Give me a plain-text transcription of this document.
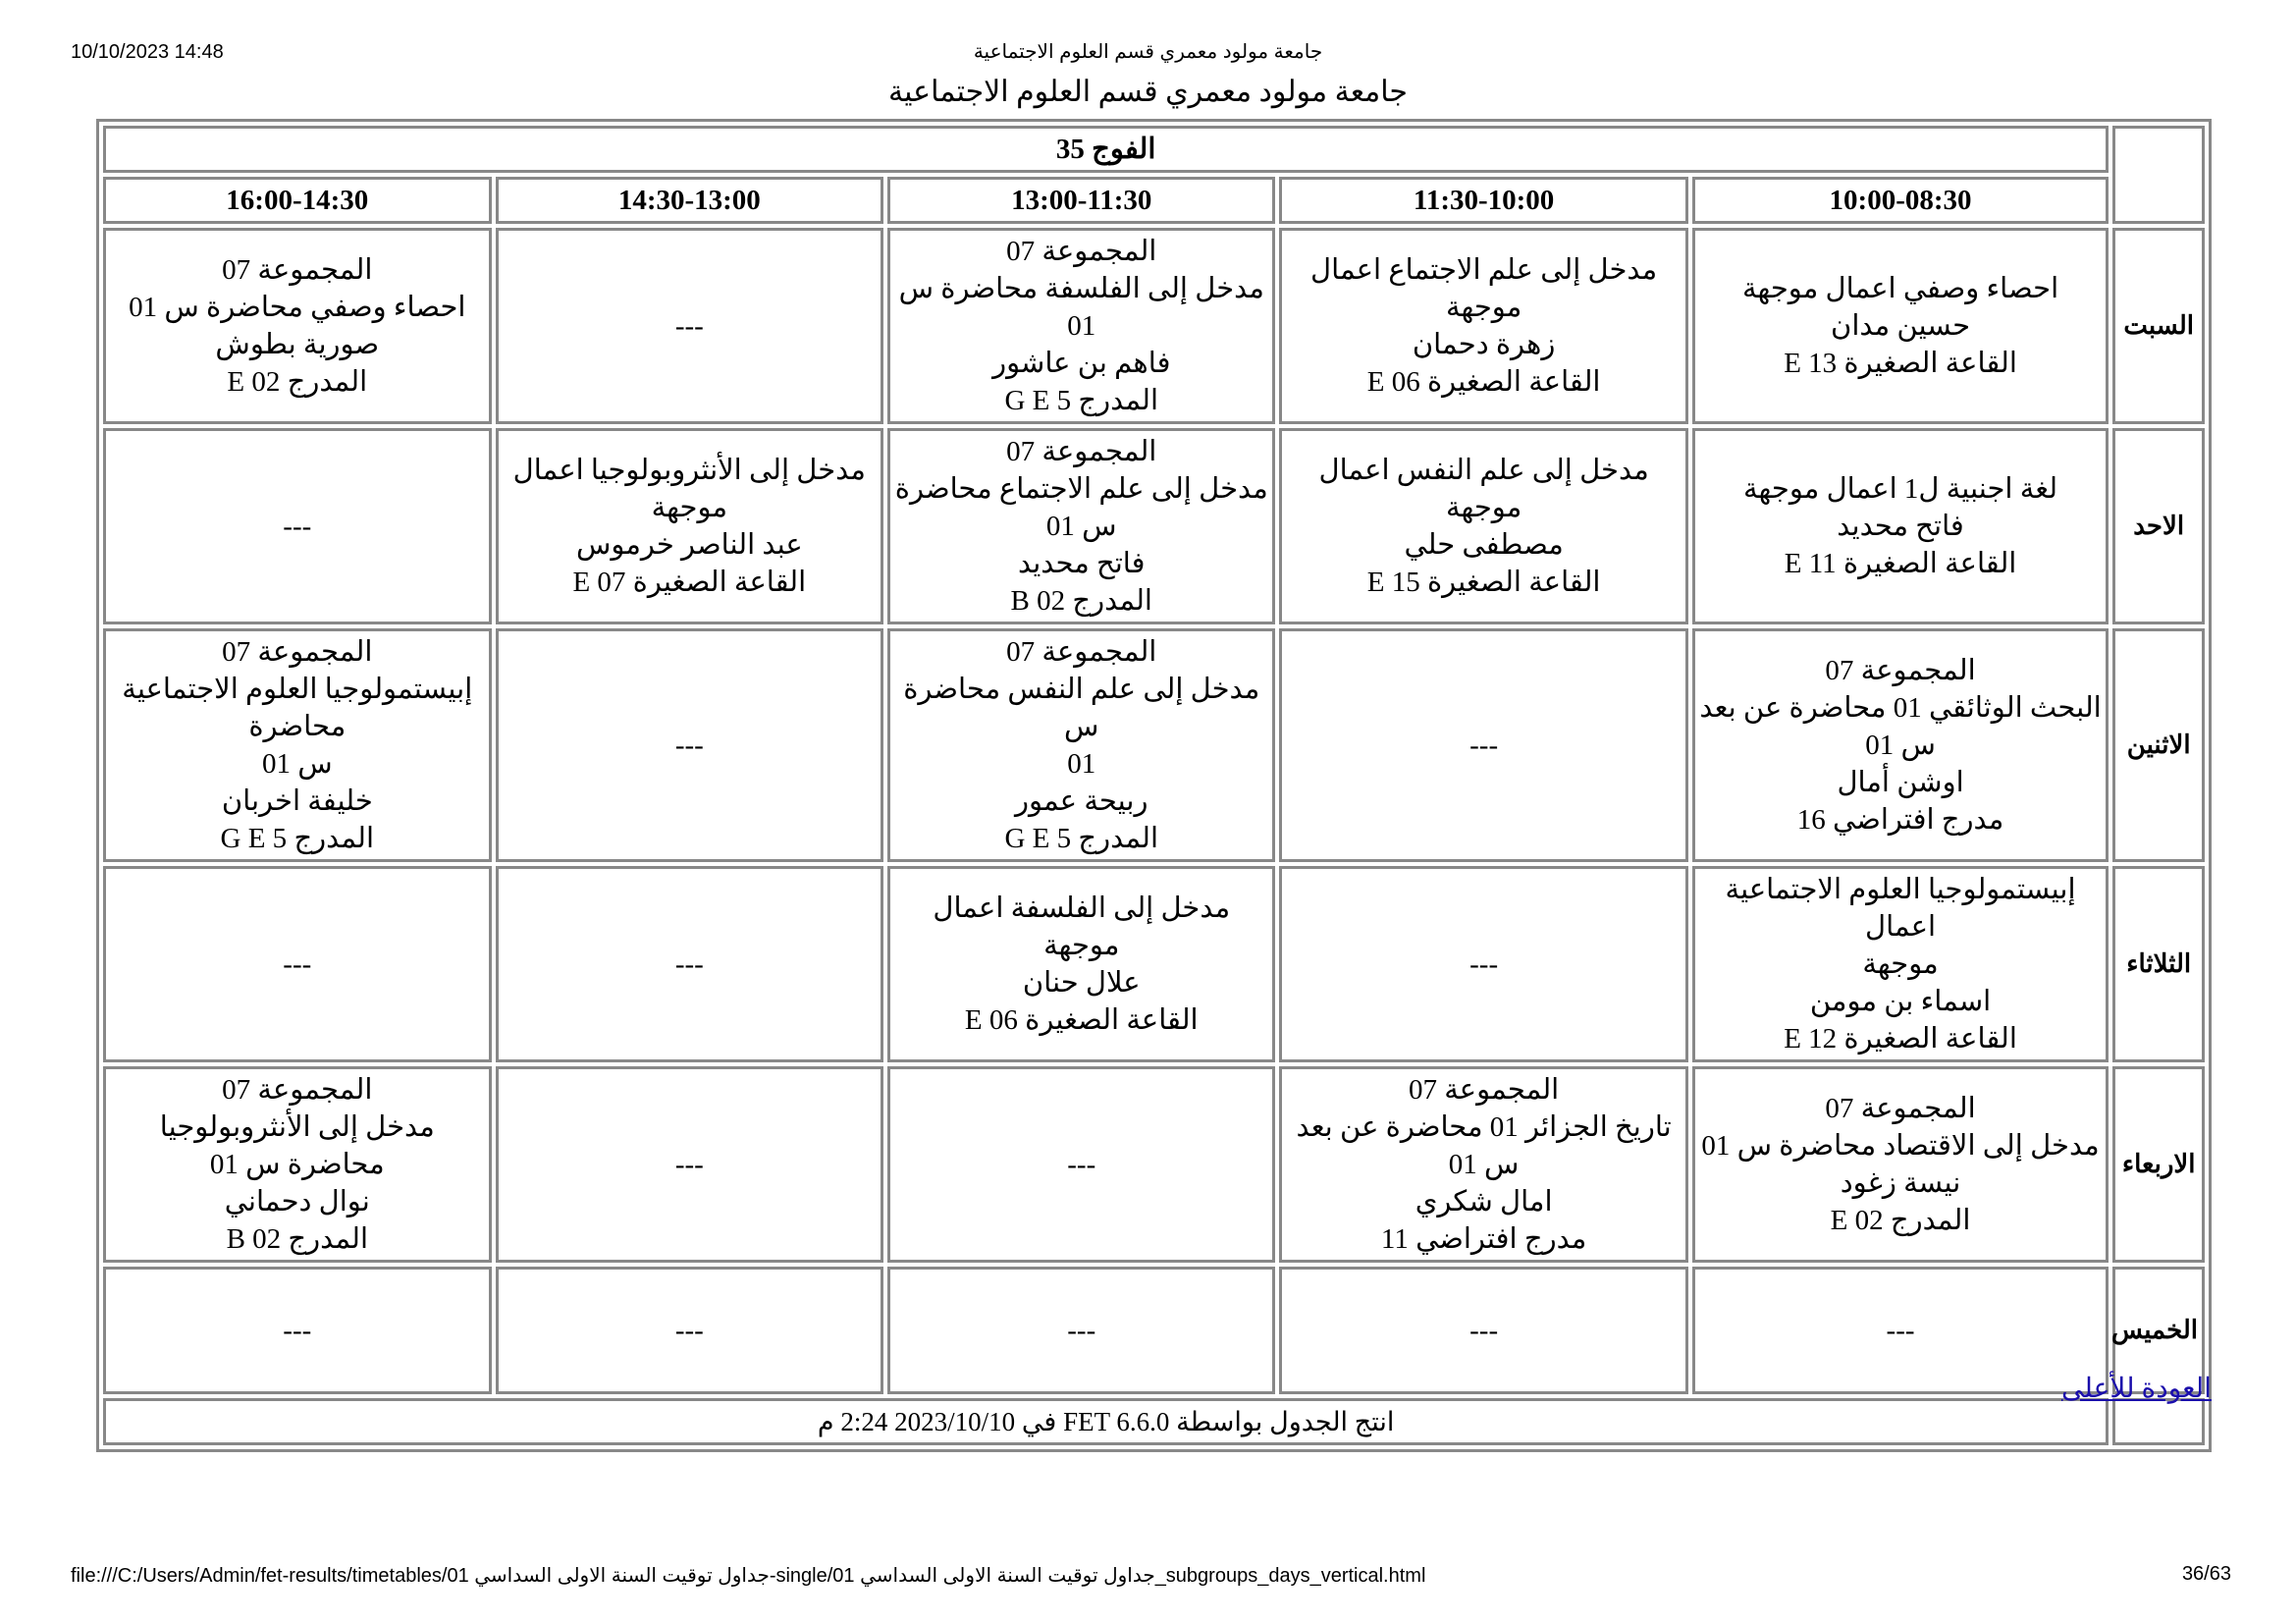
10/10/2023 14:48	جامعة مولود معمري قسم العلوم الاجتماعية
جامعة مولود معمري قسم العلوم الاجتماعية
	الفوج 35				
	10:00-08:30	11:30-10:00	13:00-11:30	14:30-13:00	16:00-14:30
السبت	احصاء وصفي اعمال موجهة
حسين مدان
القاعة الصغيرة E 13	مدخل إلى علم الاجتماع اعمال
موجهة
زهرة دحمان
القاعة الصغيرة E 06	المجموعة 07
مدخل إلى الفلسفة محاضرة س 01
فاهم بن عاشور
المدرج G E 5	---	المجموعة 07
احصاء وصفي محاضرة س 01
صورية بطوش
المدرج E 02

الاحد	لغة اجنبية ل1 اعمال موجهة
فاتح محديد
القاعة الصغيرة E 11	مدخل إلى علم النفس اعمال موجهة
مصطفى حلي
القاعة الصغيرة E 15	المجموعة 07
مدخل إلى علم الاجتماع محاضرة
س 01
فاتح محديد
المدرج B 02	مدخل إلى الأنثروبولوجيا اعمال
موجهة
عبد الناصر خرموس
القاعة الصغيرة E 07	---

الاثنين	المجموعة 07
البحث الوثائقي 01 محاضرة عن بعد
س 01
اوشن أمال
مدرج افتراضي 16	---	المجموعة 07
مدخل إلى علم النفس محاضرة س
01
ربيحة عمور
المدرج G E 5	---	المجموعة 07
إبيستمولوجيا العلوم الاجتماعية محاضرة
س 01
خليفة اخربان
المدرج G E 5

الثلاثاء	إبيستمولوجيا العلوم الاجتماعية اعمال
موجهة
اسماء بن مومن
القاعة الصغيرة E 12	---	مدخل إلى الفلسفة اعمال موجهة
علال حنان
القاعة الصغيرة E 06	---	---

الاربعاء	المجموعة 07
مدخل إلى الاقتصاد محاضرة س 01
نيسة زغود
المدرج E 02	المجموعة 07
تاريخ الجزائر 01 محاضرة عن بعد
س 01
امال شكري
مدرج افتراضي 11	---	---	المجموعة 07
مدخل إلى الأنثروبولوجيا محاضرة س 01
نوال دحماني
المدرج B 02

الخميس	---	---	---	---	---

	انتج الجدول بواسطة FET 6.6.0 في 2023/10/10 2:24 م				
العودة للأعلى
file:///C:/Users/Admin/fet-results/timetables/01 جداول توقيت السنة الاولى السداسي-single/01 جداول توقيت السنة الاولى السداسي_subgroups_days_vertical.html	36/63
